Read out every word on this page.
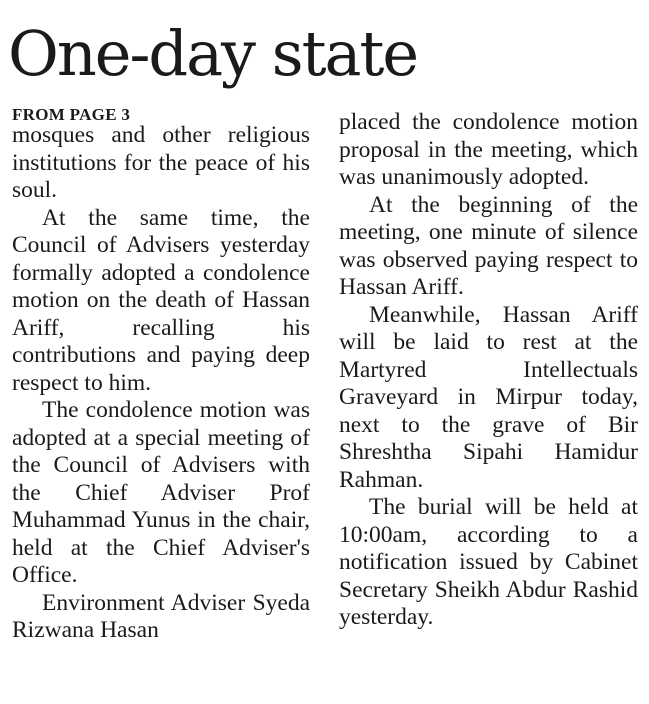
One-day state
FROM PAGE 3

mosques and other religious institutions for the peace of his soul.

At the same time, the Council of Advisers yesterday formally adopted a condolence motion on the death of Hassan Ariff, recalling his contributions and paying deep respect to him.

The condolence motion was adopted at a special meeting of the Council of Advisers with the Chief Adviser Prof Muhammad Yunus in the chair, held at the Chief Adviser's Office.

Environment Adviser Syeda Rizwana Hasan

placed the condolence motion proposal in the meeting, which was unanimously adopted.

At the beginning of the meeting, one minute of silence was observed paying respect to Hassan Ariff.

Meanwhile, Hassan Ariff will be laid to rest at the Martyred Intellectuals Graveyard in Mirpur today, next to the grave of Bir Shreshtha Sipahi Hamidur Rahman.

The burial will be held at 10:00am, according to a notification issued by Cabinet Secretary Sheikh Abdur Rashid yesterday.
